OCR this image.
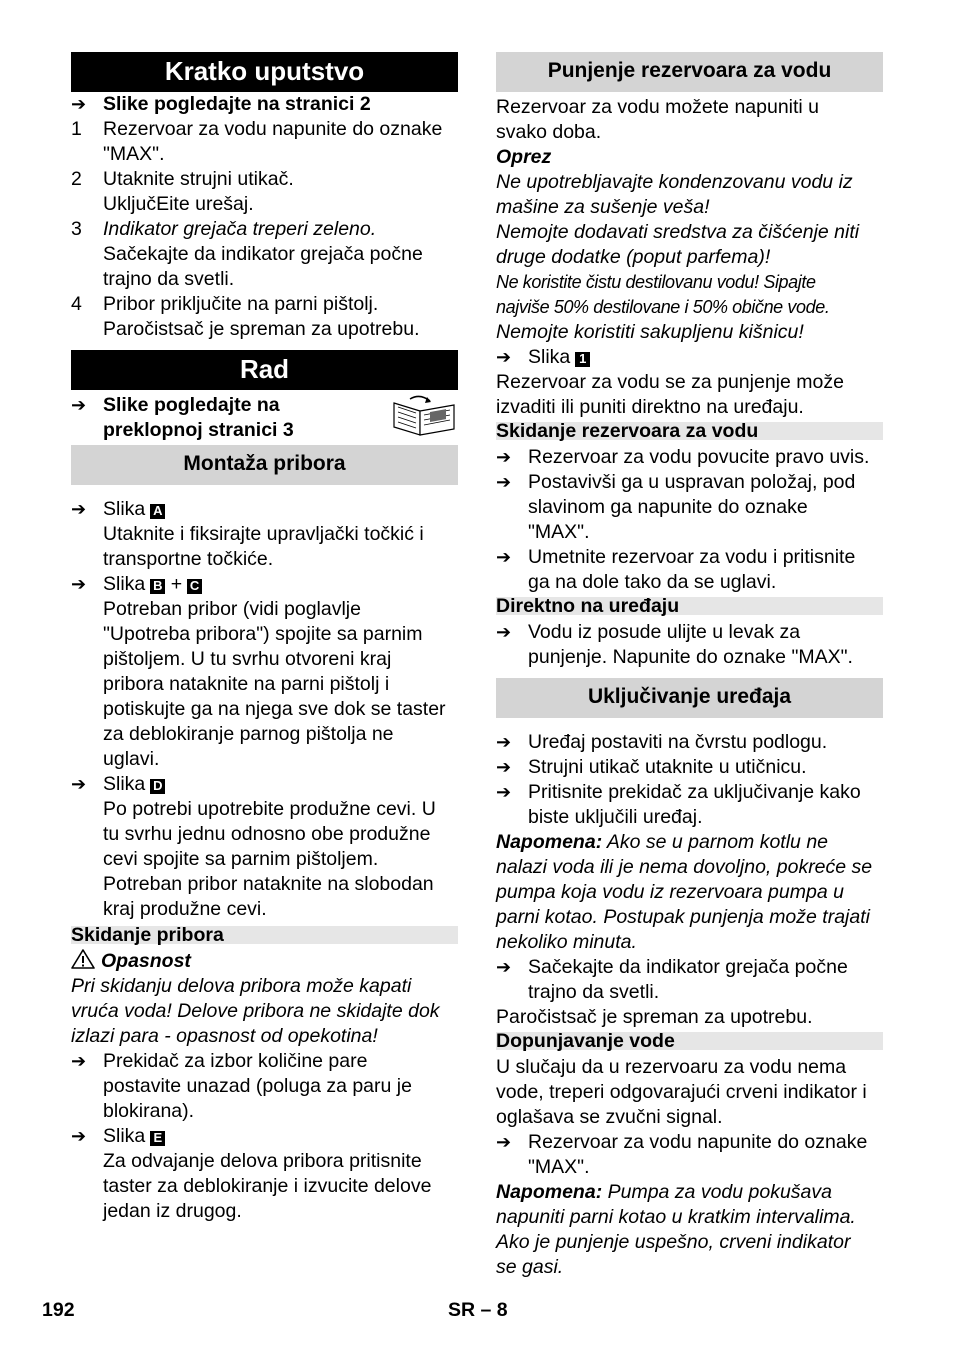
Kratko uputstvo
➔ Slike pogledajte na stranici 2
1	Rezervoar za vodu napunite do oznake
"MAX".
2	Utaknite strujni utikač.
UključEite urešaj.
3	Indikator grejača treperi zeleno.
Sačekajte da indikator grejača počne
trajno da svetli.
4	Pribor priključite na parni pištolj.
Paročistsač je spreman za upotrebu.
Rad
➔ Slike pogledajte na
preklopnoj stranici 3
Montaža pribora
➔ Slika A
Utaknite i fiksirajte upravljački točkić i
transportne točkiće.
➔ Slika B + C
Potreban pribor (vidi poglavlje
"Upotreba pribora") spojite sa parnim
pištoljem. U tu svrhu otvoreni kraj
pribora nataknite na parni pištolj i
potiskujte ga na njega sve dok se taster
za deblokiranje parnog pištolja ne
uglavi.
➔ Slika D
Po potrebi upotrebite produžne cevi. U
tu svrhu jednu odnosno obe produžne
cevi spojite sa parnim pištoljem.
Potreban pribor nataknite na slobodan
kraj produžne cevi.
Skidanje pribora
Opasnost
Pri skidanju delova pribora može kapati
vruća voda! Delove pribora ne skidajte dok
izlazi para - opasnost od opekotina!
➔ Prekidač za izbor količine pare
postavite unazad (poluga za paru je
blokirana).
➔ Slika E
Za odvajanje delova pribora pritisnite
taster za deblokiranje i izvucite delove
jedan iz drugog.
Punjenje rezervoara za vodu
Rezervoar za vodu možete napuniti u
svako doba.
Oprez
Ne upotrebljavajte kondenzovanu vodu iz
mašine za sušenje veša!
Nemojte dodavati sredstva za čišćenje niti
druge dodatke (poput parfema)!
Ne koristite čistu destilovanu vodu! Sipajte
najviše 50% destilovane i 50% obične vode.
Nemojte koristiti sakupljenu kišnicu!
➔ Slika 1
Rezervoar za vodu se za punjenje može
izvaditi ili puniti direktno na uređaju.
Skidanje rezervoara za vodu
➔ Rezervoar za vodu povucite pravo uvis.
➔ Postavivši ga u uspravan položaj, pod
slavinom ga napunite do oznake
"MAX".
➔ Umetnite rezervoar za vodu i pritisnite
ga na dole tako da se uglavi.
Direktno na uređaju
➔ Vodu iz posude ulijte u levak za
punjenje. Napunite do oznake "MAX".
Uključivanje uređaja
➔ Uređaj postaviti na čvrstu podlogu.
➔ Strujni utikač utaknite u utičnicu.
➔ Pritisnite prekidač za uključivanje kako
biste uključili uređaj.
Napomena: Ako se u parnom kotlu ne
nalazi voda ili je nema dovoljno, pokreće se
pumpa koja vodu iz rezervoara pumpa u
parni kotao. Postupak punjenja može trajati
nekoliko minuta.
➔ Sačekajte da indikator grejača počne
trajno da svetli.
Paročistsač je spreman za upotrebu.
Dopunjavanje vode
U slučaju da u rezervoaru za vodu nema
vode, treperi odgovarajući crveni indikator i
oglašava se zvučni signal.
➔ Rezervoar za vodu napunite do oznake
"MAX".
Napomena: Pumpa za vodu pokušava
napuniti parni kotao u kratkim intervalima.
Ako je punjenje uspešno, crveni indikator
se gasi.
192	SR – 8
